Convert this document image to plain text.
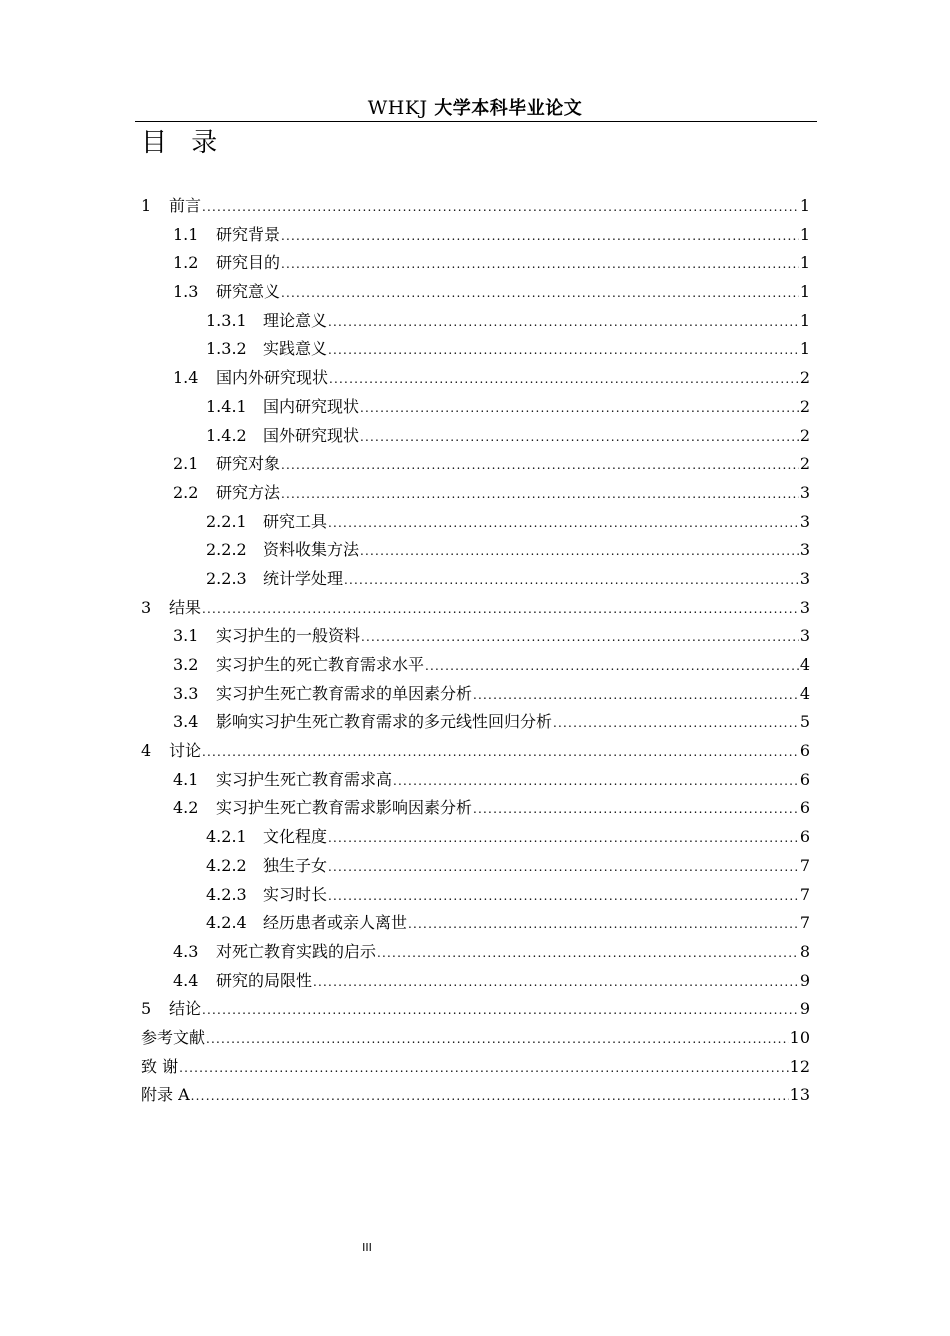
WHKJ 大学本科毕业论文
目 录
1	前言 .....	1
1.1	研究背景 .....	1
1.2	研究目的 .....	1
1.3	研究意义 .....	1
1.3.1	理论意义 .....	1
1.3.2	实践意义 .....	1
1.4	国内外研究现状 .....	2
1.4.1	国内研究现状 .....	2
1.4.2	国外研究现状 .....	2
2.1	研究对象 .....	2
2.2	研究方法 .....	3
2.2.1	研究工具 .....	3
2.2.2	资料收集方法 .....	3
2.2.3	统计学处理 .....	3
3	结果 .....	3
3.1	实习护生的一般资料 .....	3
3.2	实习护生的死亡教育需求水平 .....	4
3.3	实习护生死亡教育需求的单因素分析 .....	4
3.4	影响实习护生死亡教育需求的多元线性回归分析 .....	5
4	讨论 .....	6
4.1	实习护生死亡教育需求高 .....	6
4.2	实习护生死亡教育需求影响因素分析 .....	6
4.2.1	文化程度 .....	6
4.2.2	独生子女 .....	7
4.2.3	实习时长 .....	7
4.2.4	经历患者或亲人离世 .....	7
4.3	对死亡教育实践的启示 .....	8
4.4	研究的局限性 .....	9
5	结论 .....	9
参考文献 .....	10
致 谢 .....	12
附录 A .....	13
III
